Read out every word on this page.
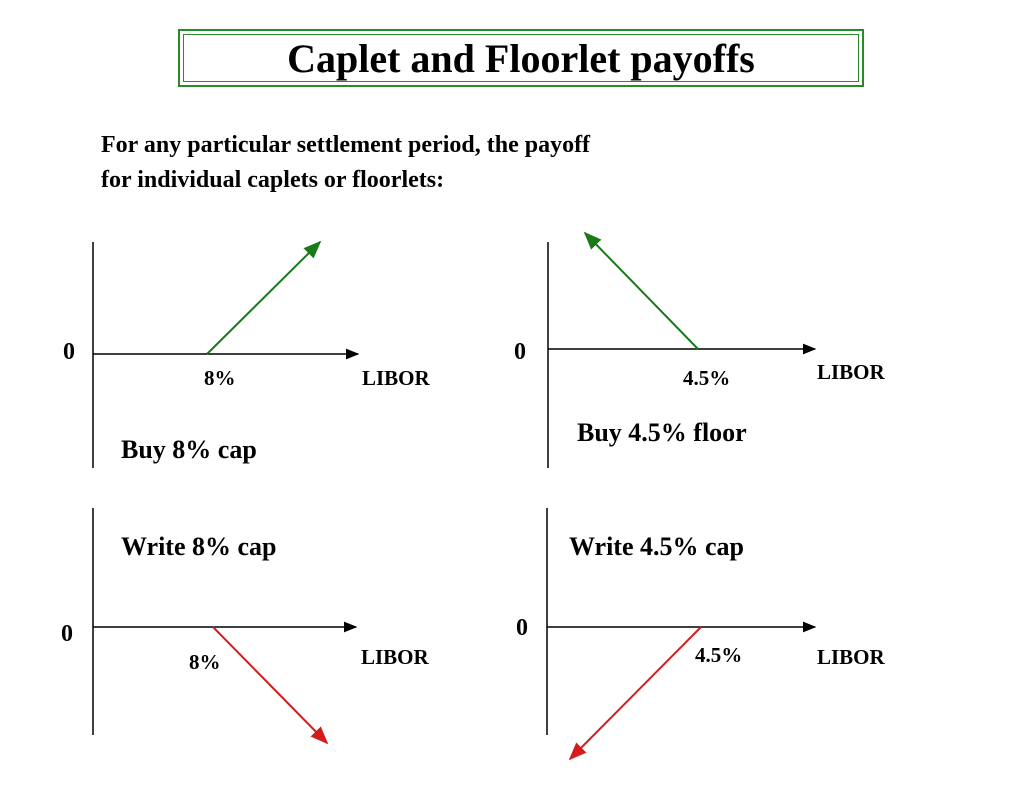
Caplet and Floorlet payoffs
For any particular settlement period, the payoff
for individual caplets or floorlets:
0
8%	LIBOR
Buy 8% cap
0
4.5%	LIBOR
Buy 4.5% floor
Write 8% cap
0
8%	LIBOR
Write 4.5% cap
0
4.5%	LIBOR
